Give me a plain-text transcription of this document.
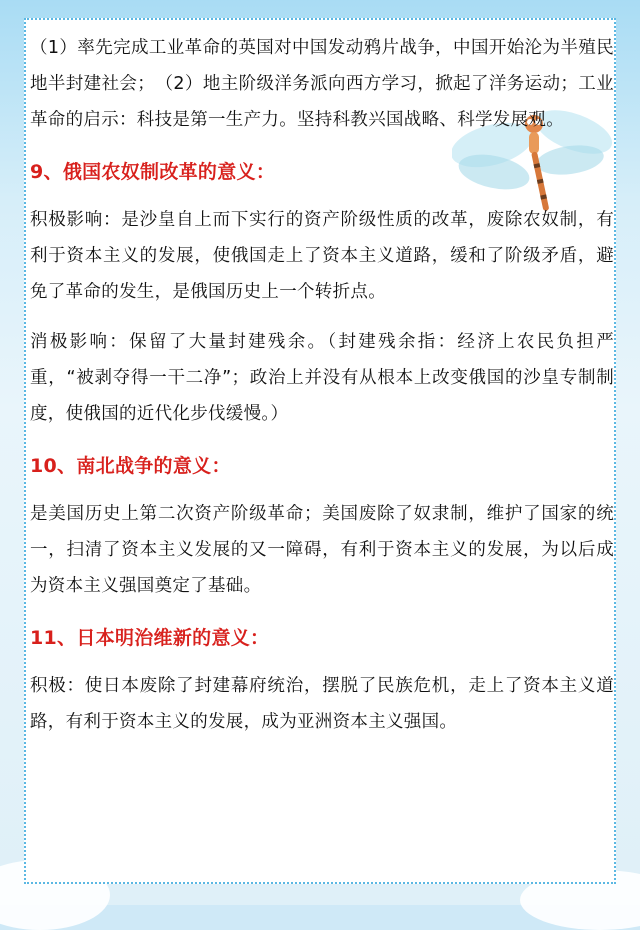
（1）率先完成工业革命的英国对中国发动鸦片战争，中国开始沦为半殖民地半封建社会；　（2）地主阶级洋务派向西方学习，掀起了洋务运动；工业革命的启示：科技是第一生产力。坚持科教兴国战略、科学发展观。

9、俄国农奴制改革的意义：

积极影响：是沙皇自上而下实行的资产阶级性质的改革，废除农奴制，有利于资本主义的发展，使俄国走上了资本主义道路，缓和了阶级矛盾，避免了革命的发生，是俄国历史上一个转折点。

消极影响：保留了大量封建残余。（封建残余指：经济上农民负担严重，“被剥夺得一干二净”；政治上并没有从根本上改变俄国的沙皇专制制度，使俄国的近代化步伐缓慢。）

10、南北战争的意义：

是美国历史上第二次资产阶级革命；美国废除了奴隶制，维护了国家的统一，扫清了资本主义发展的又一障碍，有利于资本主义的发展，为以后成为资本主义强国奠定了基础。

11、日本明治维新的意义：

积极：使日本废除了封建幕府统治，摆脱了民族危机，走上了资本主义道路，有利于资本主义的发展，成为亚洲资本主义强国。
